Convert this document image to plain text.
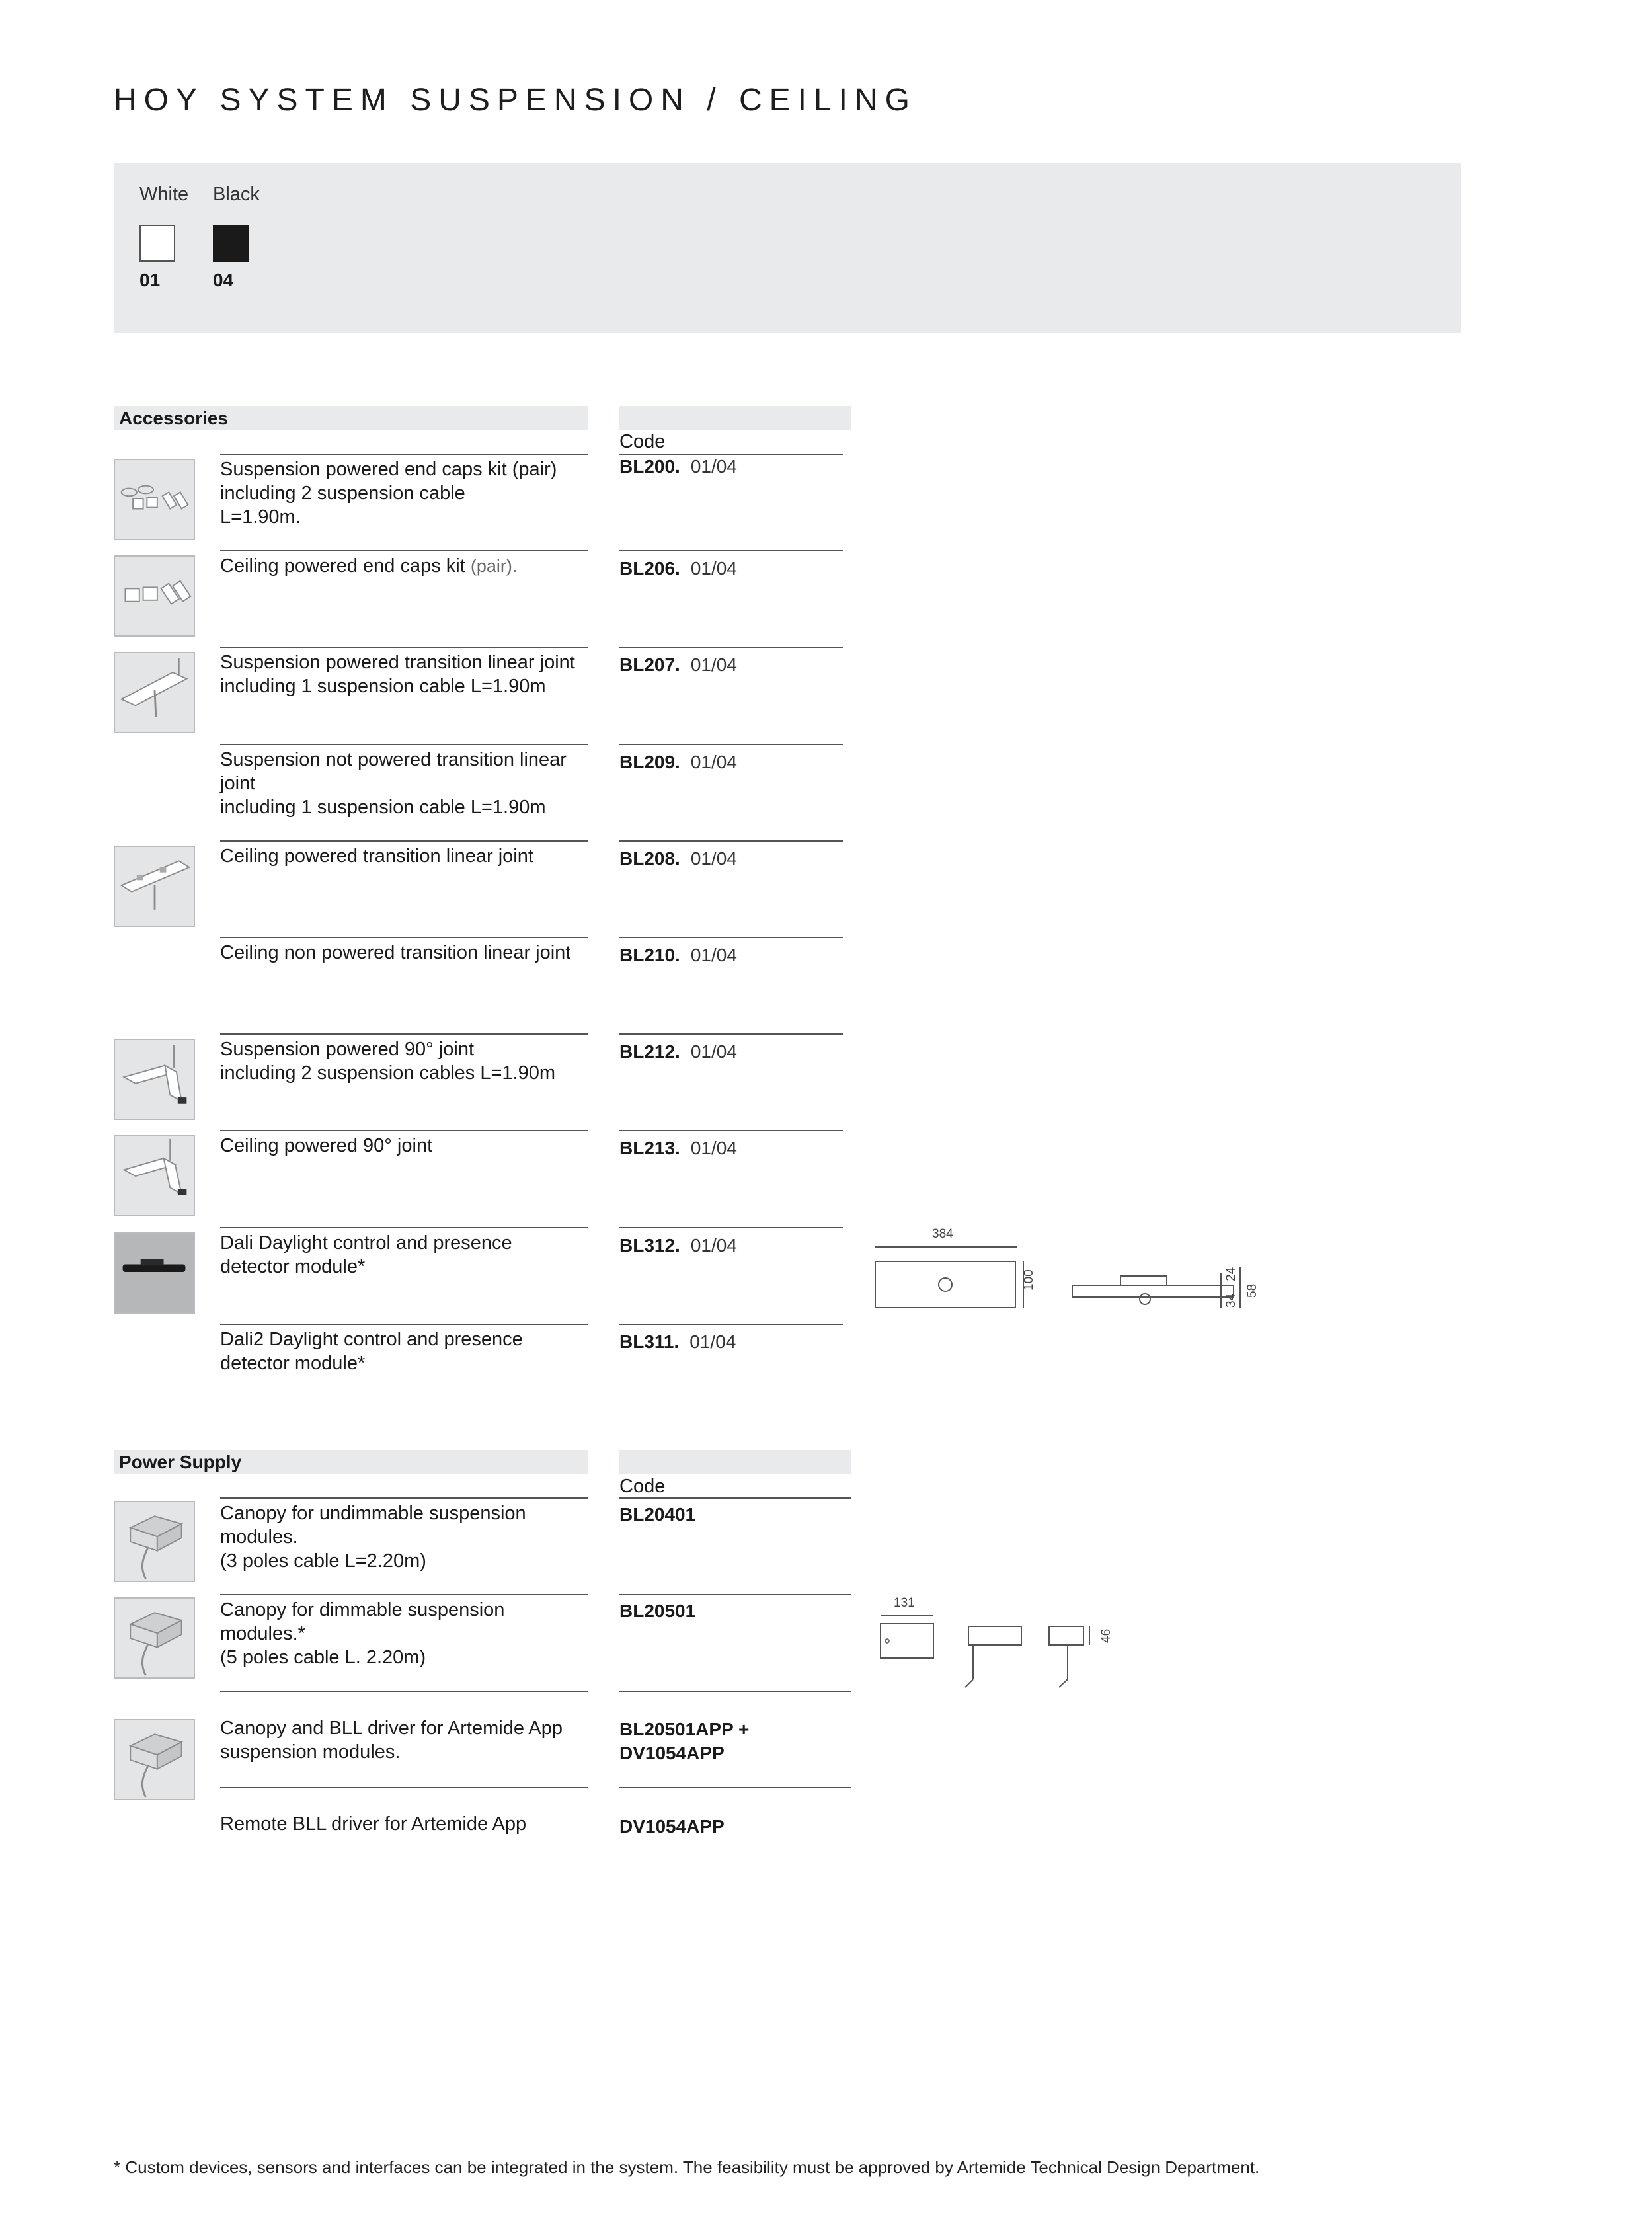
HOY SYSTEM SUSPENSION / CEILING
White Black
01	04
Accessories
Code
Suspension powered end caps kit (pair)
including 2 suspension cable
L=1.90m.
BL200. 01/04
Ceiling powered end caps kit (pair).	BL206. 01/04
Suspension powered transition linear joint
including 1 suspension cable L=1.90m
BL207. 01/04
Suspension not powered transition linear
joint
including 1 suspension cable L=1.90m
BL209. 01/04
Ceiling powered transition linear joint	BL208. 01/04
Ceiling non powered transition linear joint	BL210. 01/04
Suspension powered 90° joint
including 2 suspension cables L=1.90m
BL212. 01/04
Ceiling powered 90° joint	BL213. 01/04
Dali Daylight control and presence
detector module*
BL312. 01/04
Dali2 Daylight control and presence
detector module*
BL311. 01/04
384
100
34
24
58
Power Supply
Code
Canopy for undimmable suspension
modules.
(3 poles cable L=2.20m)
BL20401
Canopy for dimmable suspension
modules.*
(5 poles cable L. 2.20m)
BL20501
Canopy and BLL driver for Artemide App
suspension modules.
BL20501APP +
DV1054APP
Remote BLL driver for Artemide App	DV1054APP
131
46
* Custom devices, sensors and interfaces can be integrated in the system. The feasibility must be approved by Artemide Technical Design Department.
